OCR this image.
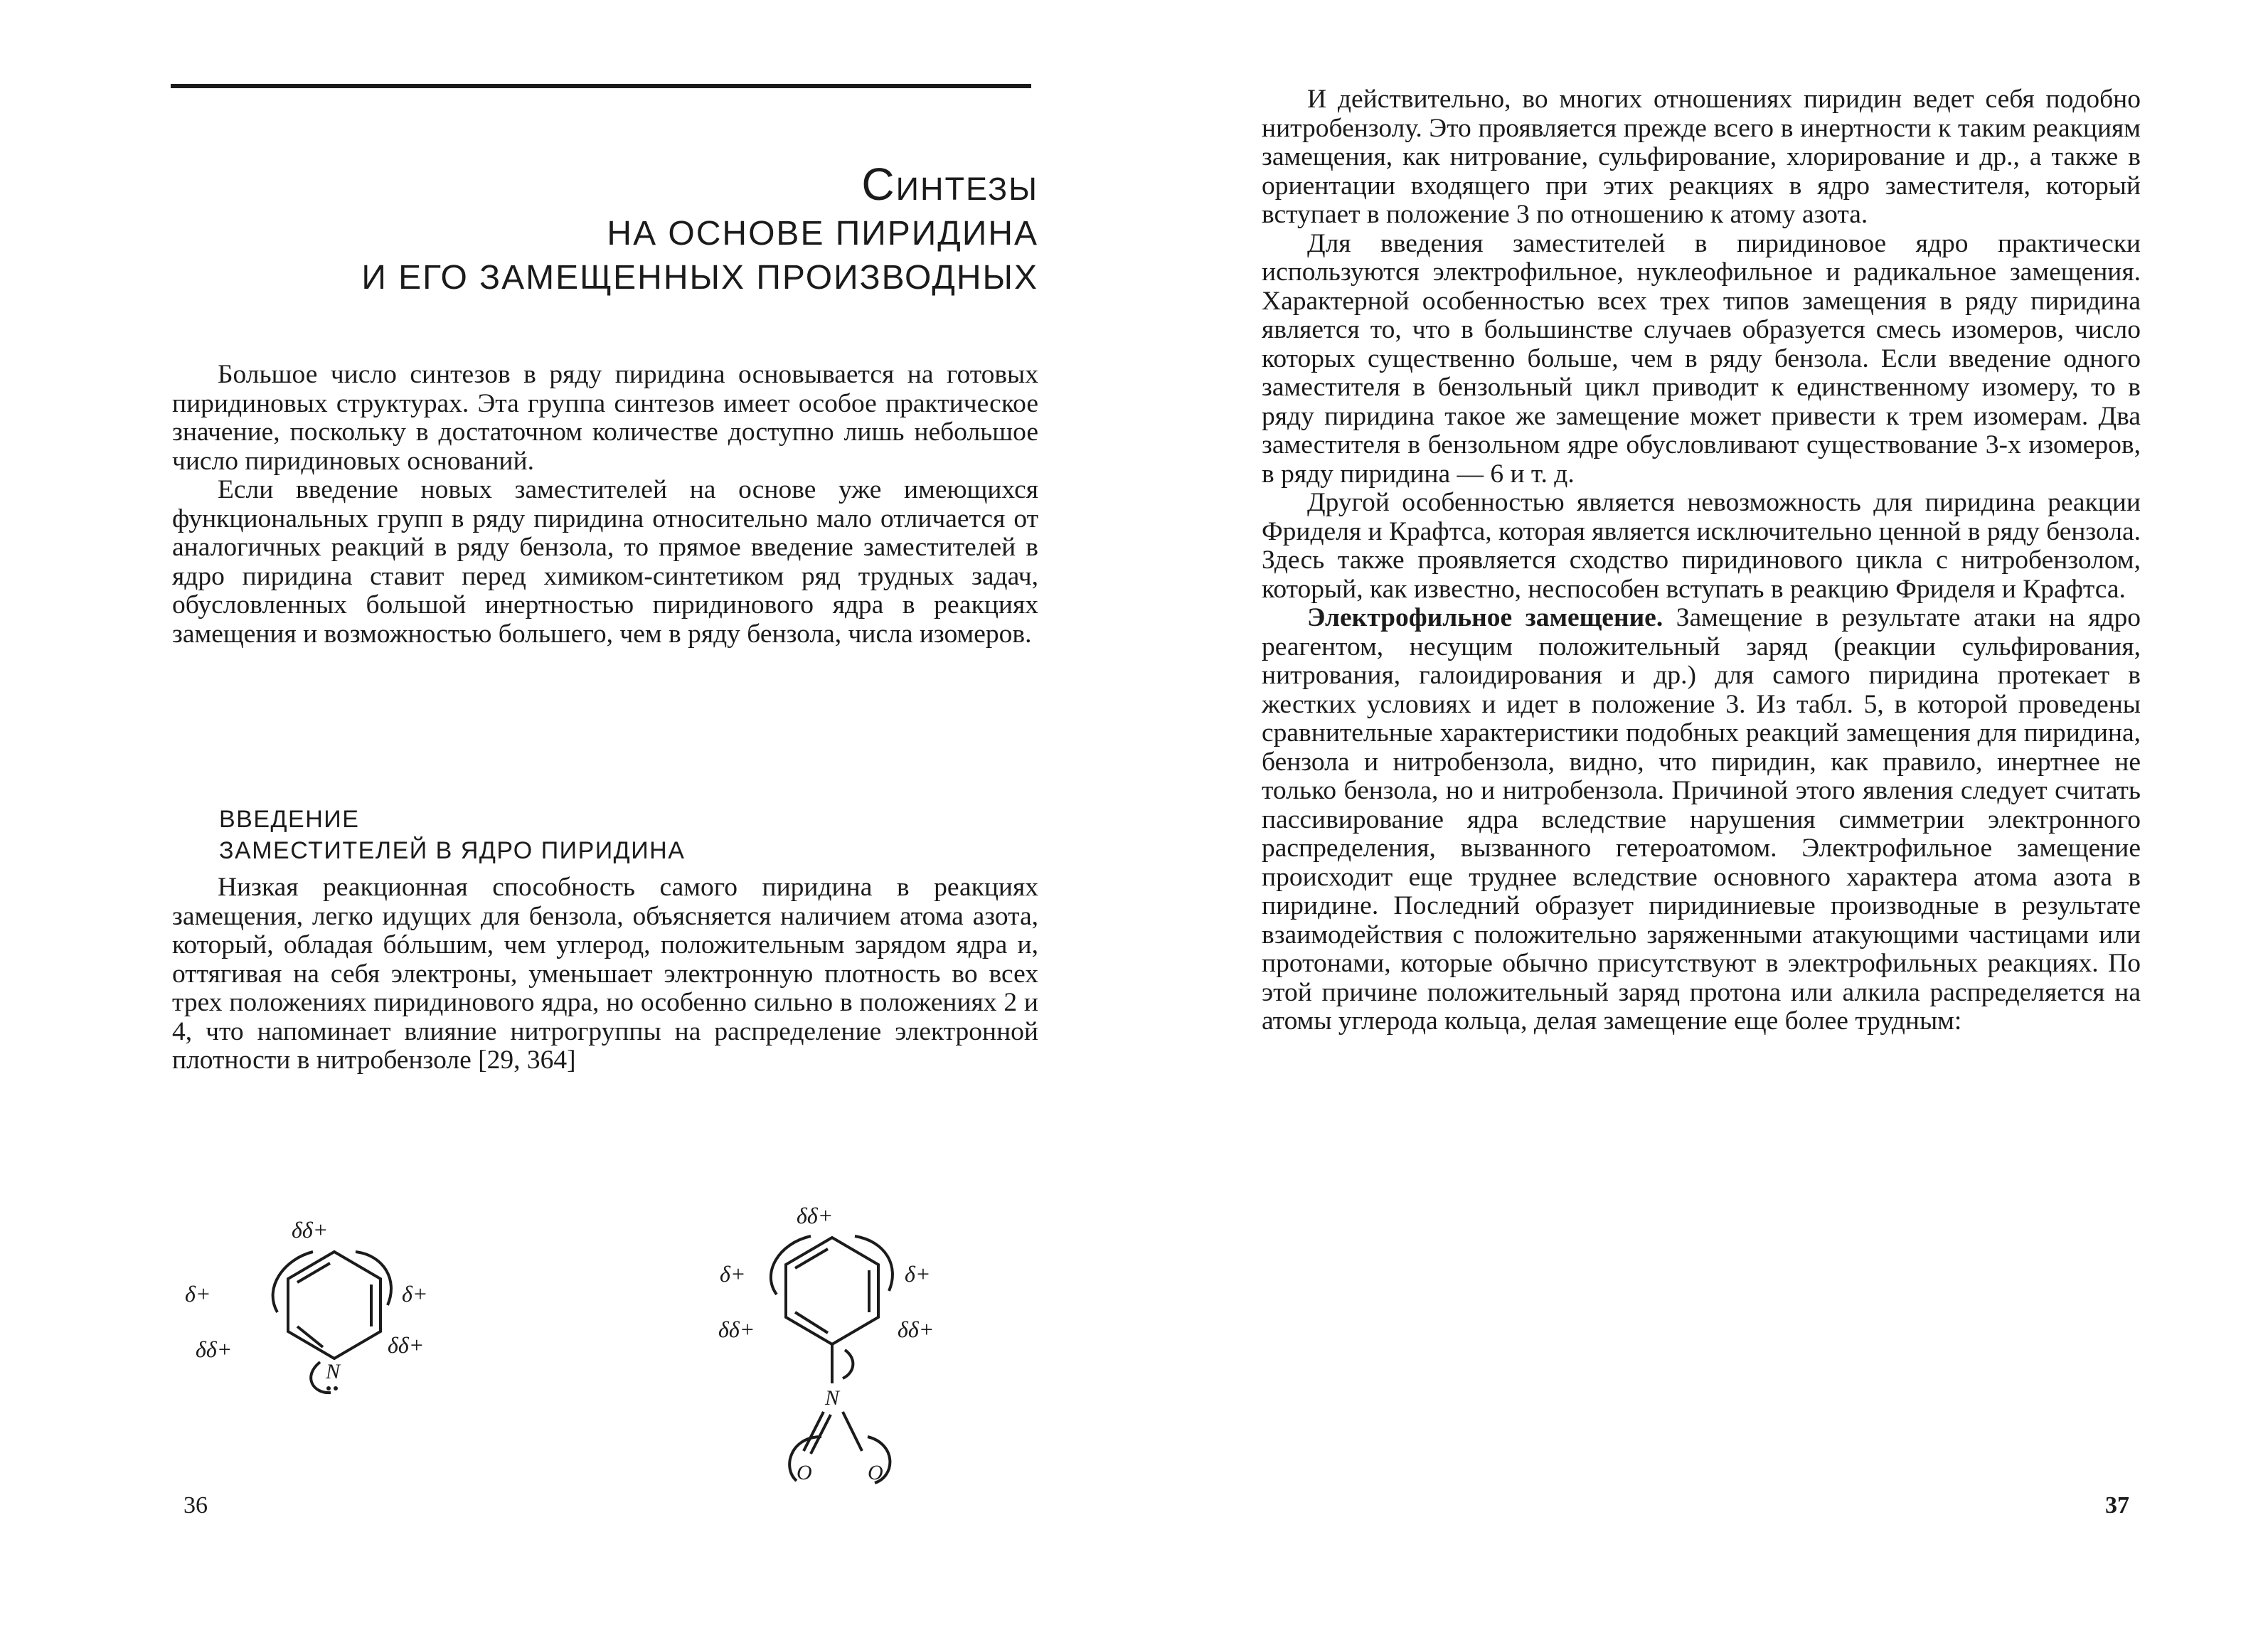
Синтезы
НА ОСНОВЕ ПИРИДИНА
И ЕГО ЗАМЕЩЕННЫХ ПРОИЗВОДНЫХ

Большое число синтезов в ряду пиридина основывается на готовых пиридиновых структурах. Эта группа синтезов имеет особое практическое значение, поскольку в достаточном количестве доступно лишь небольшое число пиридиновых оснований.

Если введение новых заместителей на основе уже имеющихся функциональных групп в ряду пиридина относительно мало отличается от аналогичных реакций в ряду бензола, то прямое введение заместителей в ядро пиридина ставит перед химиком-синтетиком ряд трудных задач, обусловленных большой инертностью пиридинового ядра в реакциях замещения и возможностью большего, чем в ряду бензола, числа изомеров.

ВВЕДЕНИЕ
ЗАМЕСТИТЕЛЕЙ В ЯДРО ПИРИДИНА

Низкая реакционная способность самого пиридина в реакциях замещения, легко идущих для бензола, объясняется наличием атома азота, который, обладая бóльшим, чем углерод, положительным зарядом ядра и, оттягивая на себя электроны, уменьшает электронную плотность во всех трех положениях пиридинового ядра, но особенно сильно в положениях 2 и 4, что напоминает влияние нитрогруппы на распределение электронной плотности в нитробензоле [29, 364]

δδ+
δ+	δ+
δδ+	δδ+
N
δδ+
δ+	δ+
δδ+	δδ+
N
O	O
36

И действительно, во многих отношениях пиридин ведет себя подобно нитробензолу. Это проявляется прежде всего в инертности к таким реакциям замещения, как нитрование, сульфирование, хлорирование и др., а также в ориентации входящего при этих реакциях в ядро заместителя, который вступает в положение 3 по отношению к атому азота.

Для введения заместителей в пиридиновое ядро практически используются электрофильное, нуклеофильное и радикальное замещения. Характерной особенностью всех трех типов замещения в ряду пиридина является то, что в большинстве случаев образуется смесь изомеров, число которых существенно больше, чем в ряду бензола. Если введение одного заместителя в бензольный цикл приводит к единственному изомеру, то в ряду пиридина такое же замещение может привести к трем изомерам. Два заместителя в бензольном ядре обусловливают существование 3-х изомеров, в ряду пиридина — 6 и т. д.

Другой особенностью является невозможность для пиридина реакции Фриделя и Крафтса, которая является исключительно ценной в ряду бензола. Здесь также проявляется сходство пиридинового цикла с нитробензолом, который, как известно, неспособен вступать в реакцию Фриделя и Крафтса.

Электрофильное замещение. Замещение в результате атаки на ядро реагентом, несущим положительный заряд (реакции сульфирования, нитрования, галоидирования и др.) для самого пиридина протекает в жестких условиях и идет в положение 3. Из табл. 5, в которой проведены сравнительные характеристики подобных реакций замещения для пиридина, бензола и нитробензола, видно, что пиридин, как правило, инертнее не только бензола, но и нитробензола. Причиной этого явления следует считать пассивирование ядра вследствие нарушения симметрии электронного распределения, вызванного гетероатомом. Электрофильное замещение происходит еще труднее вследствие основного характера атома азота в пиридине. Последний образует пиридиниевые производные в результате взаимодействия с положительно заряженными атакующими частицами или протонами, которые обычно присутствуют в электрофильных реакциях. По этой причине положительный заряд протона или алкила распределяется на атомы углерода кольца, делая замещение еще более трудным:

37
